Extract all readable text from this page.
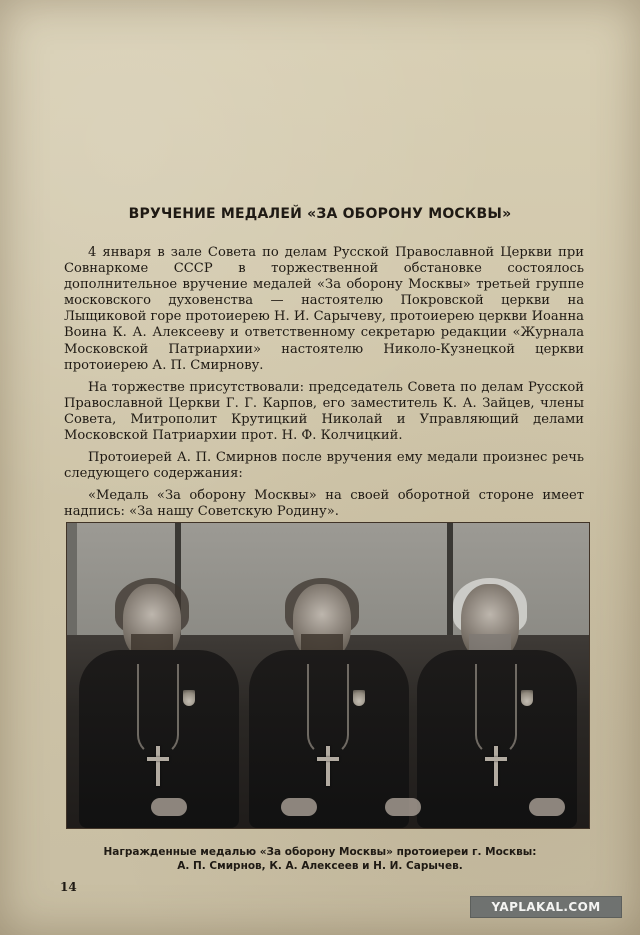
ВРУЧЕНИЕ МЕДАЛЕЙ «ЗА ОБОРОНУ МОСКВЫ»

4 января в зале Совета по делам Русской Православной Церкви при Совнаркоме СССР в торжественной обстановке состоялось дополнительное вручение медалей «За оборону Москвы» третьей группе московского духовенства — настоятелю Покровской церкви на Лыщиковой горе протоиерею Н. И. Сарычеву, протоиерею церкви Иоанна Воина К. А. Алексееву и ответственному секретарю редакции «Журнала Московской Патриархии» настоятелю Николо-Кузнецкой церкви протоиерею А. П. Смирнову.

На торжестве присутствовали: председатель Совета по делам Русской Православной Церкви Г. Г. Карпов, его заместитель К. А. Зайцев, члены Совета, Митрополит Крутицкий Николай и Управляющий делами Московской Патриархии прот. Н. Ф. Колчицкий.

Протоиерей А. П. Смирнов после вручения ему медали произнес речь следующего содержания:

«Медаль «За оборону Москвы» на своей оборотной стороне имеет надпись: «За нашу Советскую Родину».

Награжденные медалью «За оборону Москвы» протоиереи г. Москвы:
А. П. Смирнов, К. А. Алексеев и Н. И. Сарычев.
14
YAPLAKAL.COM
